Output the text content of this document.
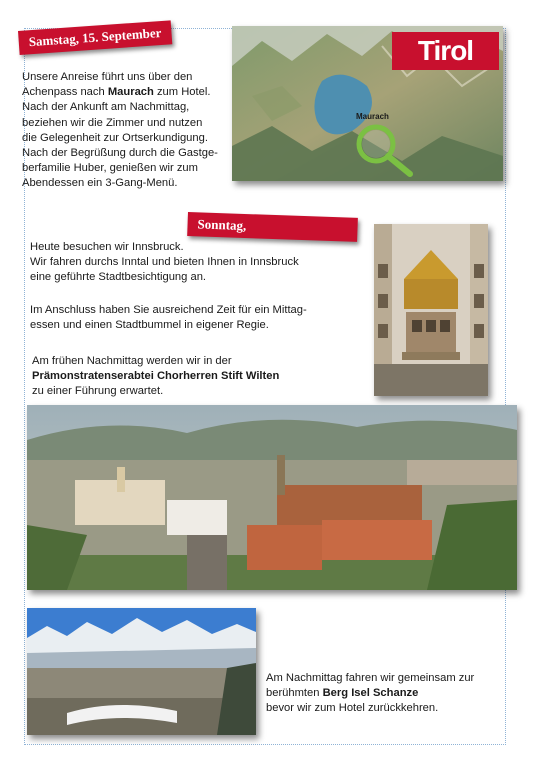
Samstag, 15. September

Unsere Anreise führt uns über den

Achenpass nach Maurach zum Hotel.

Nach der Ankunft am Nachmittag,

beziehen wir die Zimmer und nutzen

die Gelegenheit zur Ortserkundigung.

Nach der Begrüßung durch die Gastge-

berfamilie Huber, genießen wir zum

Abendessen ein 3-Gang-Menü.

Tirol
Maurach
Sonntag,

Heute besuchen wir Innsbruck.

Wir fahren durchs Inntal und bieten Ihnen in Innsbruck

eine geführte Stadtbesichtigung an.

Im Anschluss haben Sie ausreichend Zeit für ein Mittag-

essen und einen Stadtbummel in eigener Regie.

Am frühen Nachmittag werden wir in der

Prämonstratenserabtei Chorherren Stift Wilten

zu einer Führung erwartet.

Am Nachmittag fahren wir gemeinsam zur

berühmten Berg Isel Schanze

bevor wir zum Hotel zurückkehren.
